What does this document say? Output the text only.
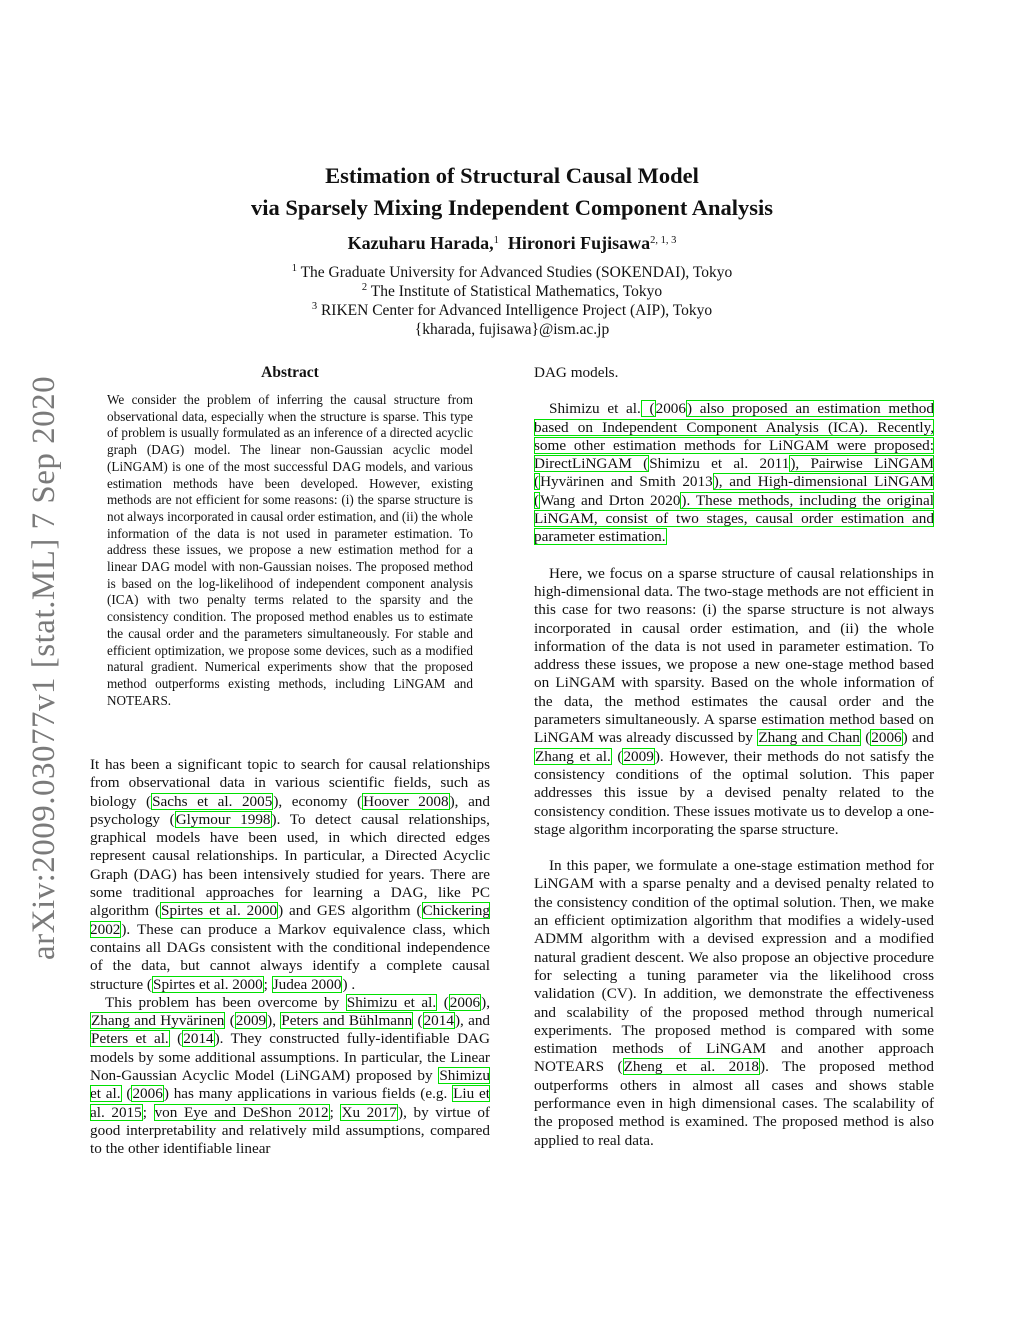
arXiv:2009.03077v1 [stat.ML] 7 Sep 2020
Estimation of Structural Causal Model
via Sparsely Mixing Independent Component Analysis
Kazuharu Harada,$^1$ Hironori Fujisawa$^{2, 1, 3}$
$^1$ The Graduate University for Advanced Studies (SOKENDAI), Tokyo
$^2$ The Institute of Statistical Mathematics, Tokyo
$^3$ RIKEN Center for Advanced Intelligence Project (AIP), Tokyo
{kharada, fujisawa}@ism.ac.jp
Abstract
We consider the problem of inferring the causal structure from observational data, especially when the structure is sparse. This type of problem is usually formulated as an inference of a directed acyclic graph (DAG) model. The linear non-Gaussian acyclic model (LiNGAM) is one of the most successful DAG models, and various estimation methods have been developed. However, existing methods are not efficient for some reasons: (i) the sparse structure is not always incorporated in causal order estimation, and (ii) the whole information of the data is not used in parameter estimation. To address these issues, we propose a new estimation method for a linear DAG model with non-Gaussian noises. The proposed method is based on the log-likelihood of independent component analysis (ICA) with two penalty terms related to the sparsity and the consistency condition. The proposed method enables us to estimate the causal order and the parameters simultaneously. For stable and efficient optimization, we propose some devices, such as a modified natural gradient. Numerical experiments show that the proposed method outperforms existing methods, including LiNGAM and NOTEARS.

It has been a significant topic to search for causal relationships from observational data in various scientific fields, such as biology (Sachs et al. 2005), economy (Hoover 2008), and psychology (Glymour 1998). To detect causal relationships, graphical models have been used, in which directed edges represent causal relationships. In particular, a Directed Acyclic Graph (DAG) has been intensively studied for years. There are some traditional approaches for learning a DAG, like PC algorithm (Spirtes et al. 2000) and GES algorithm (Chickering 2002). These can produce a Markov equivalence class, which contains all DAGs consistent with the conditional independence of the data, but cannot always identify a complete causal structure (Spirtes et al. 2000; Judea 2000) .

This problem has been overcome by Shimizu et al. (2006), Zhang and Hyvärinen (2009), Peters and Bühlmann (2014), and Peters et al. (2014). They constructed fully-identifiable DAG models by some additional assumptions. In particular, the Linear Non-Gaussian Acyclic Model (LiNGAM) proposed by Shimizu et al. (2006) has many applications in various fields (e.g. Liu et al. 2015; von Eye and DeShon 2012; Xu 2017), by virtue of good interpretability and relatively mild assumptions, compared to the other identifiable linear

DAG models.

Shimizu et al. (2006) also proposed an estimation method based on Independent Component Analysis (ICA). Recently, some other estimation methods for LiNGAM were proposed: DirectLiNGAM (Shimizu et al. 2011), Pairwise LiNGAM (Hyvärinen and Smith 2013), and High-dimensional LiNGAM (Wang and Drton 2020). These methods, including the original LiNGAM, consist of two stages, causal order estimation and parameter estimation.

Here, we focus on a sparse structure of causal relationships in high-dimensional data. The two-stage methods are not efficient in this case for two reasons: (i) the sparse structure is not always incorporated in causal order estimation, and (ii) the whole information of the data is not used in parameter estimation. To address these issues, we propose a new one-stage method based on LiNGAM with sparsity. Based on the whole information of the data, the method estimates the causal order and the parameters simultaneously. A sparse estimation method based on LiNGAM was already discussed by Zhang and Chan (2006) and Zhang et al. (2009). However, their methods do not satisfy the consistency conditions of the optimal solution. This paper addresses this issue by a devised penalty related to the consistency condition. These issues motivate us to develop a one-stage algorithm incorporating the sparse structure.

In this paper, we formulate a one-stage estimation method for LiNGAM with a sparse penalty and a devised penalty related to the consistency condition of the optimal solution. Then, we make an efficient optimization algorithm that modifies a widely-used ADMM algorithm with a devised expression and a modified natural gradient descent. We also propose an objective procedure for selecting a tuning parameter via the likelihood cross validation (CV). In addition, we demonstrate the effectiveness and scalability of the proposed method through numerical experiments. The proposed method is compared with some estimation methods of LiNGAM and another approach NOTEARS (Zheng et al. 2018). The proposed method outperforms others in almost all cases and shows stable performance even in high dimensional cases. The scalability of the proposed method is examined. The proposed method is also applied to real data.
